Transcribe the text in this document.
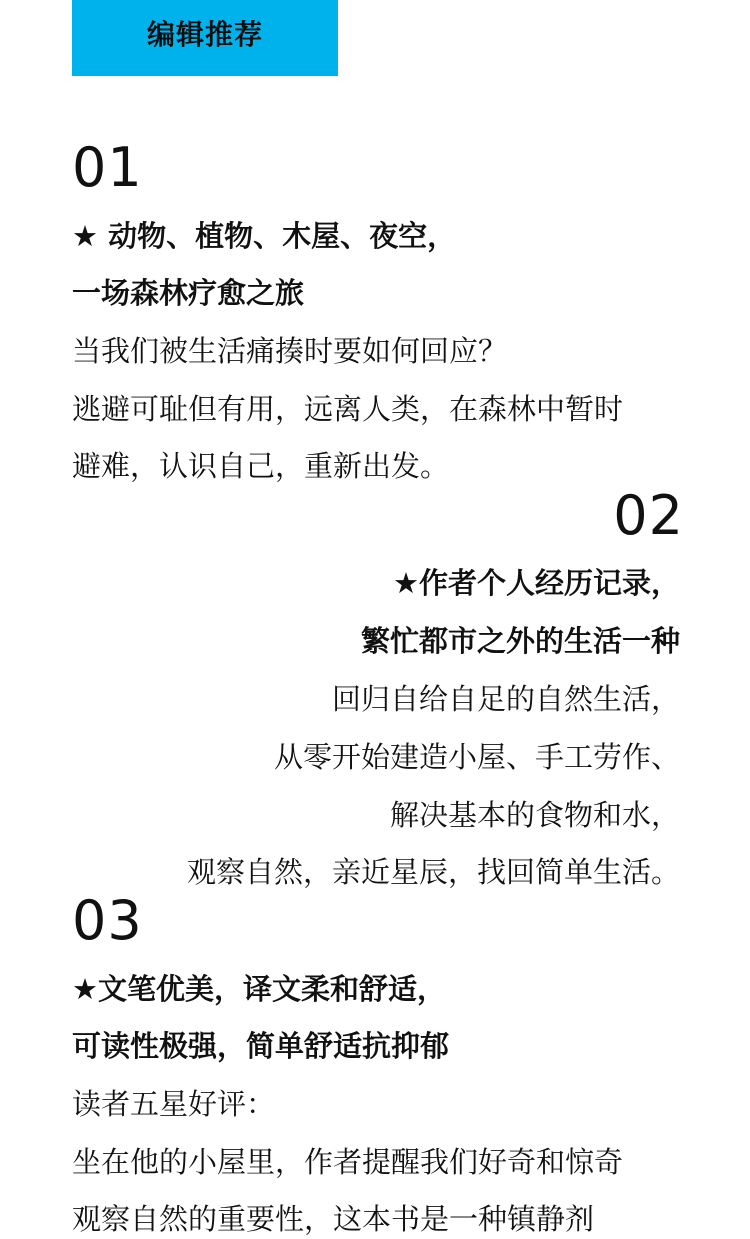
编辑推荐
01
★ 动物、植物、木屋、夜空，
一场森林疗愈之旅
当我们被生活痛揍时要如何回应？
逃避可耻但有用，远离人类，在森林中暂时
避难，认识自己，重新出发。
02
★作者个人经历记录，
繁忙都市之外的生活一种
回归自给自足的自然生活，
从零开始建造小屋、手工劳作、
解决基本的食物和水，
观察自然，亲近星辰，找回简单生活。
03
★文笔优美，译文柔和舒适，
可读性极强，简单舒适抗抑郁
读者五星好评：
坐在他的小屋里，作者提醒我们好奇和惊奇
观察自然的重要性，这本书是一种镇静剂
